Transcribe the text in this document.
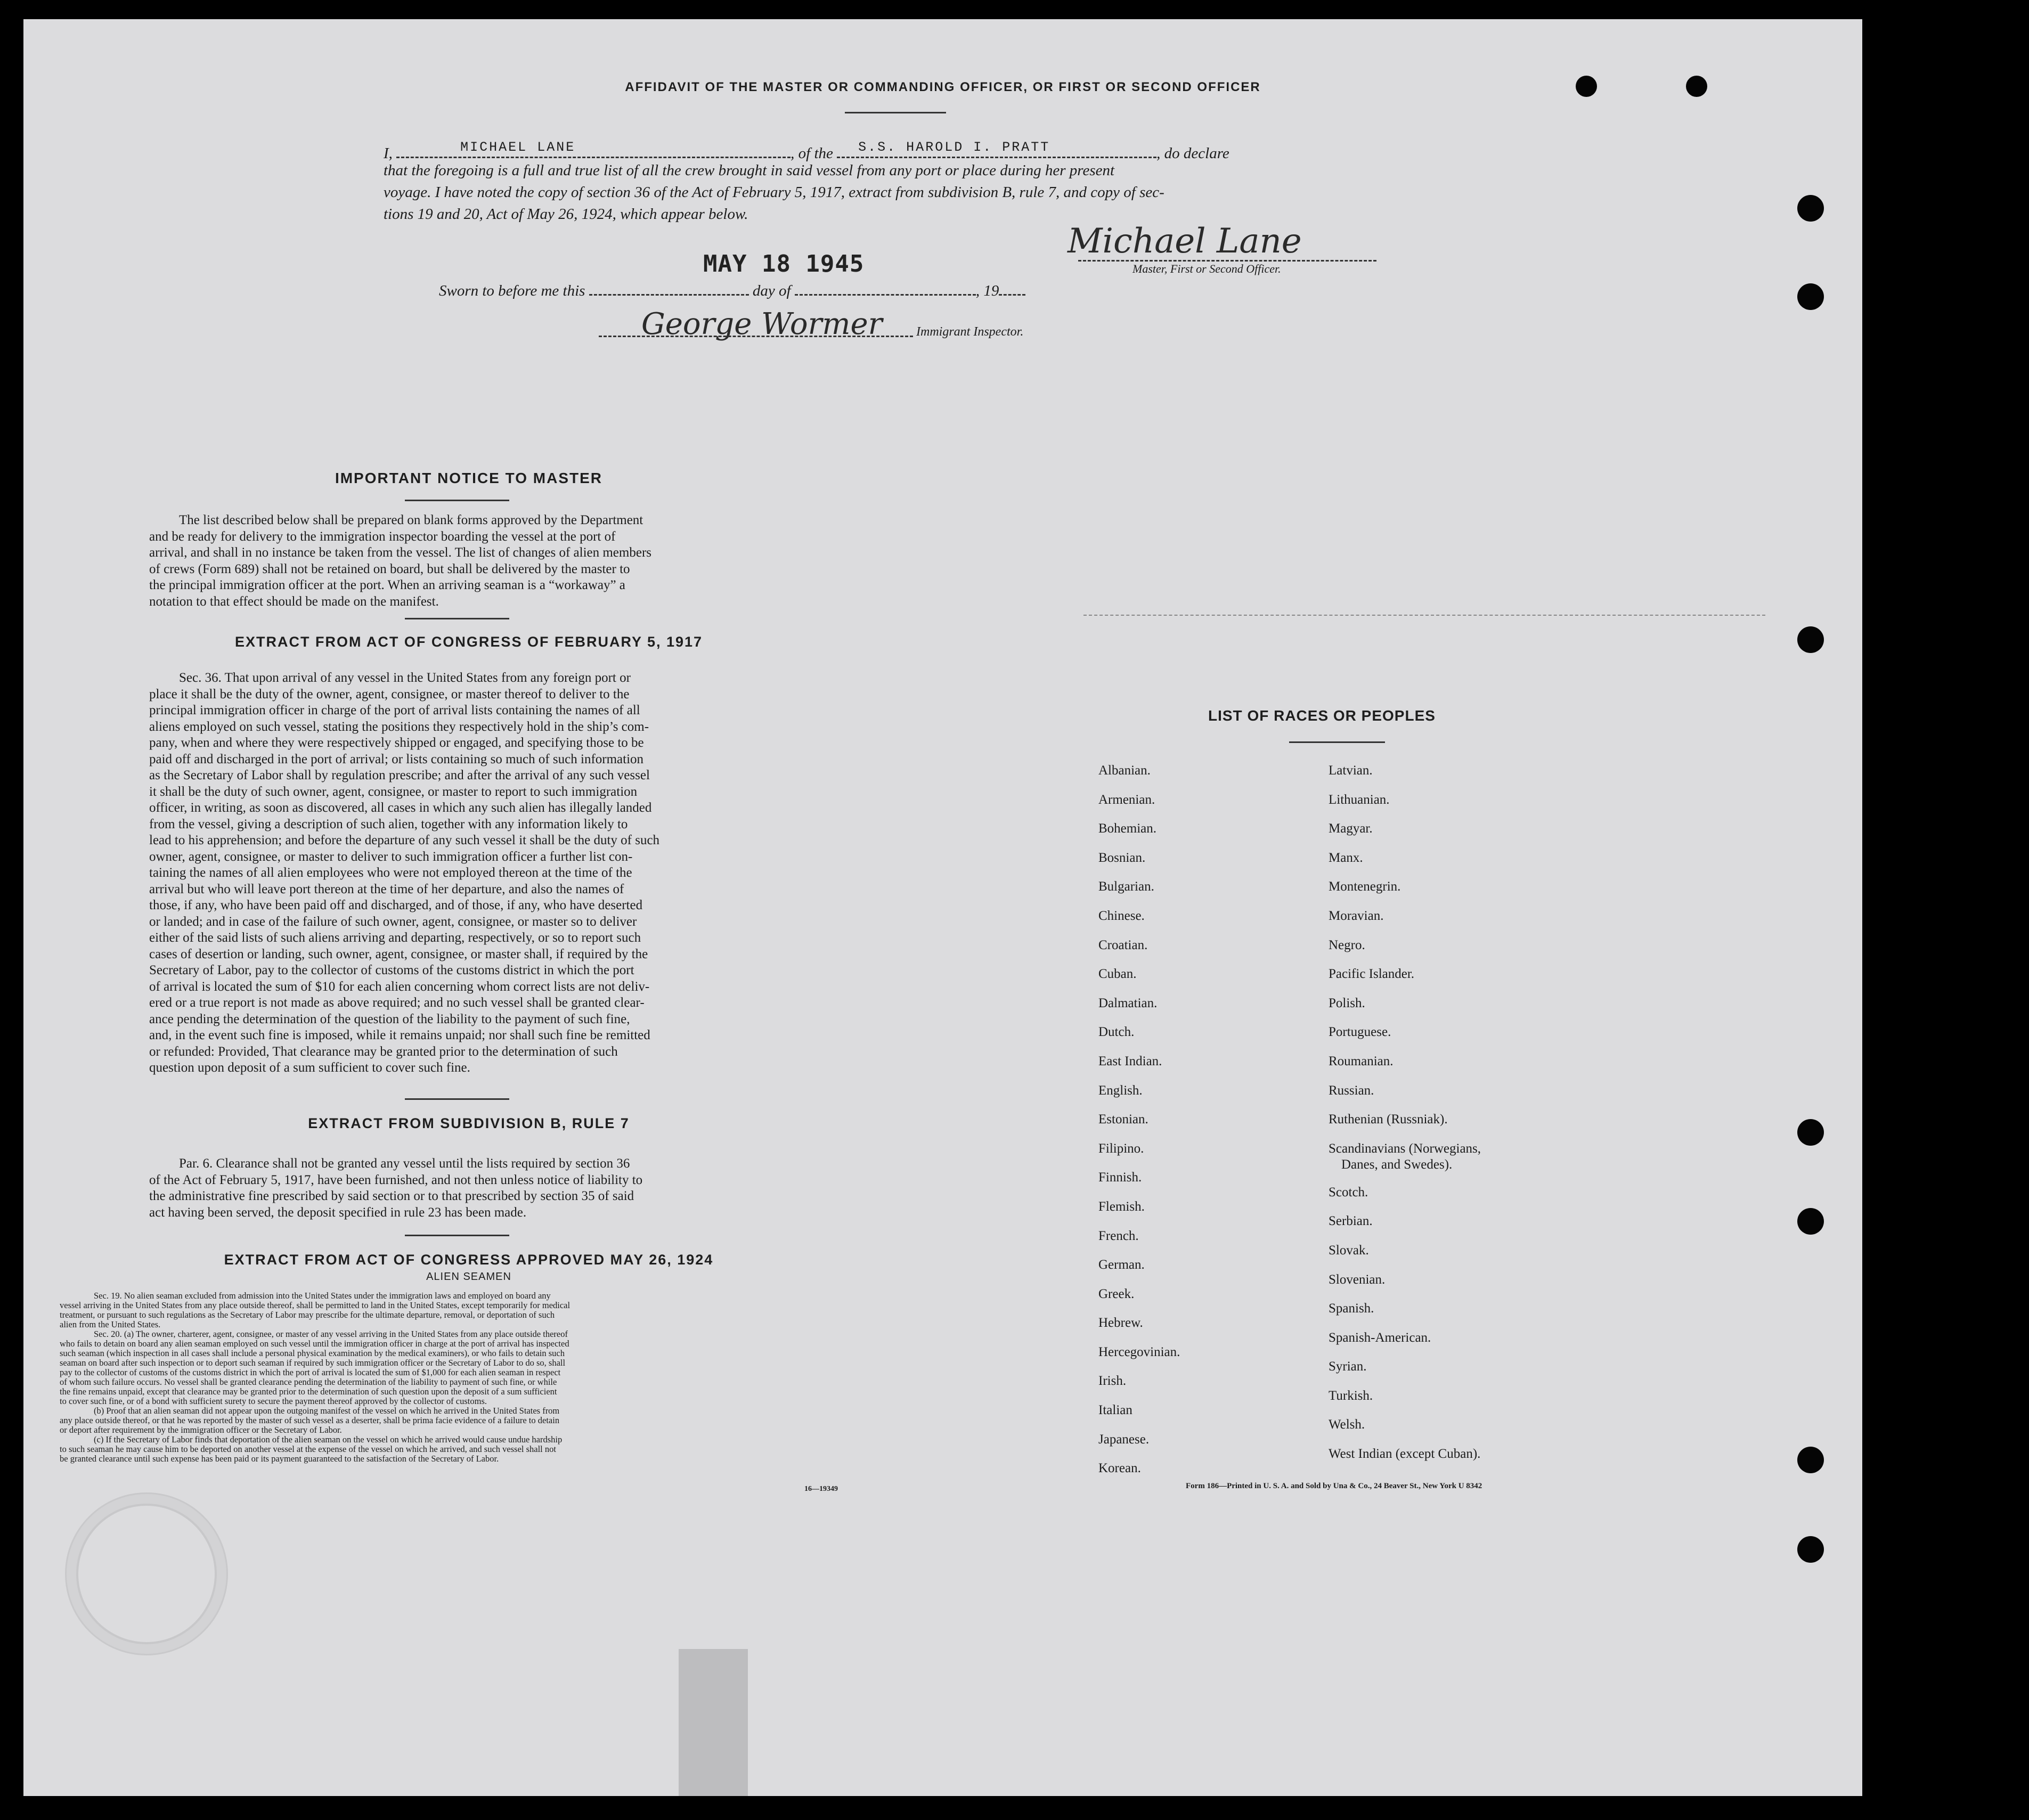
AFFIDAVIT OF THE MASTER OR COMMANDING OFFICER, OR FIRST OR SECOND OFFICER
I,	MICHAEL LANE	, of the S.S. HAROLD I. PRATT	, do declare
that the foregoing is a full and true list of all the crew brought in said vessel from any port or place during her present
voyage. I have noted the copy of section 36 of the Act of February 5, 1917, extract from subdivision B, rule 7, and copy of sec-
tions 19 and 20, Act of May 26, 1924, which appear below.
Michael Lane
Master, First or Second Officer.
Sworn to before me this	day of	, 19
MAY 18 1945
George Wormer	Immigrant Inspector.
IMPORTANT NOTICE TO MASTER
The list described below shall be prepared on blank forms approved by the Department
and be ready for delivery to the immigration inspector boarding the vessel at the port of
arrival, and shall in no instance be taken from the vessel. The list of changes of alien members
of crews (Form 689) shall not be retained on board, but shall be delivered by the master to
the principal immigration officer at the port. When an arriving seaman is a “workaway” a
notation to that effect should be made on the manifest.
EXTRACT FROM ACT OF CONGRESS OF FEBRUARY 5, 1917
Sec. 36. That upon arrival of any vessel in the United States from any foreign port or
place it shall be the duty of the owner, agent, consignee, or master thereof to deliver to the
principal immigration officer in charge of the port of arrival lists containing the names of all
aliens employed on such vessel, stating the positions they respectively hold in the ship’s com-
pany, when and where they were respectively shipped or engaged, and specifying those to be
paid off and discharged in the port of arrival; or lists containing so much of such information
as the Secretary of Labor shall by regulation prescribe; and after the arrival of any such vessel
it shall be the duty of such owner, agent, consignee, or master to report to such immigration
officer, in writing, as soon as discovered, all cases in which any such alien has illegally landed
from the vessel, giving a description of such alien, together with any information likely to
lead to his apprehension; and before the departure of any such vessel it shall be the duty of such
owner, agent, consignee, or master to deliver to such immigration officer a further list con-
taining the names of all alien employees who were not employed thereon at the time of the
arrival but who will leave port thereon at the time of her departure, and also the names of
those, if any, who have been paid off and discharged, and of those, if any, who have deserted
or landed; and in case of the failure of such owner, agent, consignee, or master so to deliver
either of the said lists of such aliens arriving and departing, respectively, or so to report such
cases of desertion or landing, such owner, agent, consignee, or master shall, if required by the
Secretary of Labor, pay to the collector of customs of the customs district in which the port
of arrival is located the sum of $10 for each alien concerning whom correct lists are not deliv-
ered or a true report is not made as above required; and no such vessel shall be granted clear-
ance pending the determination of the question of the liability to the payment of such fine,
and, in the event such fine is imposed, while it remains unpaid; nor shall such fine be remitted
or refunded: Provided, That clearance may be granted prior to the determination of such
question upon deposit of a sum sufficient to cover such fine.
EXTRACT FROM SUBDIVISION B, RULE 7
Par. 6. Clearance shall not be granted any vessel until the lists required by section 36
of the Act of February 5, 1917, have been furnished, and not then unless notice of liability to
the administrative fine prescribed by said section or to that prescribed by section 35 of said
act having been served, the deposit specified in rule 23 has been made.
EXTRACT FROM ACT OF CONGRESS APPROVED MAY 26, 1924
ALIEN SEAMEN
Sec. 19. No alien seaman excluded from admission into the United States under the immigration laws and employed on board any
vessel arriving in the United States from any place outside thereof, shall be permitted to land in the United States, except temporarily for medical
treatment, or pursuant to such regulations as the Secretary of Labor may prescribe for the ultimate departure, removal, or deportation of such
alien from the United States.
Sec. 20. (a) The owner, charterer, agent, consignee, or master of any vessel arriving in the United States from any place outside thereof
who fails to detain on board any alien seaman employed on such vessel until the immigration officer in charge at the port of arrival has inspected
such seaman (which inspection in all cases shall include a personal physical examination by the medical examiners), or who fails to detain such
seaman on board after such inspection or to deport such seaman if required by such immigration officer or the Secretary of Labor to do so, shall
pay to the collector of customs of the customs district in which the port of arrival is located the sum of $1,000 for each alien seaman in respect
of whom such failure occurs. No vessel shall be granted clearance pending the determination of the liability to payment of such fine, or while
the fine remains unpaid, except that clearance may be granted prior to the determination of such question upon the deposit of a sum sufficient
to cover such fine, or of a bond with sufficient surety to secure the payment thereof approved by the collector of customs.
(b) Proof that an alien seaman did not appear upon the outgoing manifest of the vessel on which he arrived in the United States from
any place outside thereof, or that he was reported by the master of such vessel as a deserter, shall be prima facie evidence of a failure to detain
or deport after requirement by the immigration officer or the Secretary of Labor.
(c) If the Secretary of Labor finds that deportation of the alien seaman on the vessel on which he arrived would cause undue hardship
to such seaman he may cause him to be deported on another vessel at the expense of the vessel on which he arrived, and such vessel shall not
be granted clearance until such expense has been paid or its payment guaranteed to the satisfaction of the Secretary of Labor.
16—19349
LIST OF RACES OR PEOPLES
Albanian.
Armenian.
Bohemian.
Bosnian.
Bulgarian.
Chinese.
Croatian.
Cuban.
Dalmatian.
Dutch.
East Indian.
English.
Estonian.
Filipino.
Finnish.
Flemish.
French.
German.
Greek.
Hebrew.
Hercegovinian.
Irish.
Italian
Japanese.
Korean.
Latvian.
Lithuanian.
Magyar.
Manx.
Montenegrin.
Moravian.
Negro.
Pacific Islander.
Polish.
Portuguese.
Roumanian.
Russian.
Ruthenian (Russniak).
Scandinavians (Norwegians,
Danes, and Swedes).
Scotch.
Serbian.
Slovak.
Slovenian.
Spanish.
Spanish-American.
Syrian.
Turkish.
Welsh.
West Indian (except Cuban).
Form 186—Printed in U. S. A. and Sold by Una & Co., 24 Beaver St., New York U 8342
